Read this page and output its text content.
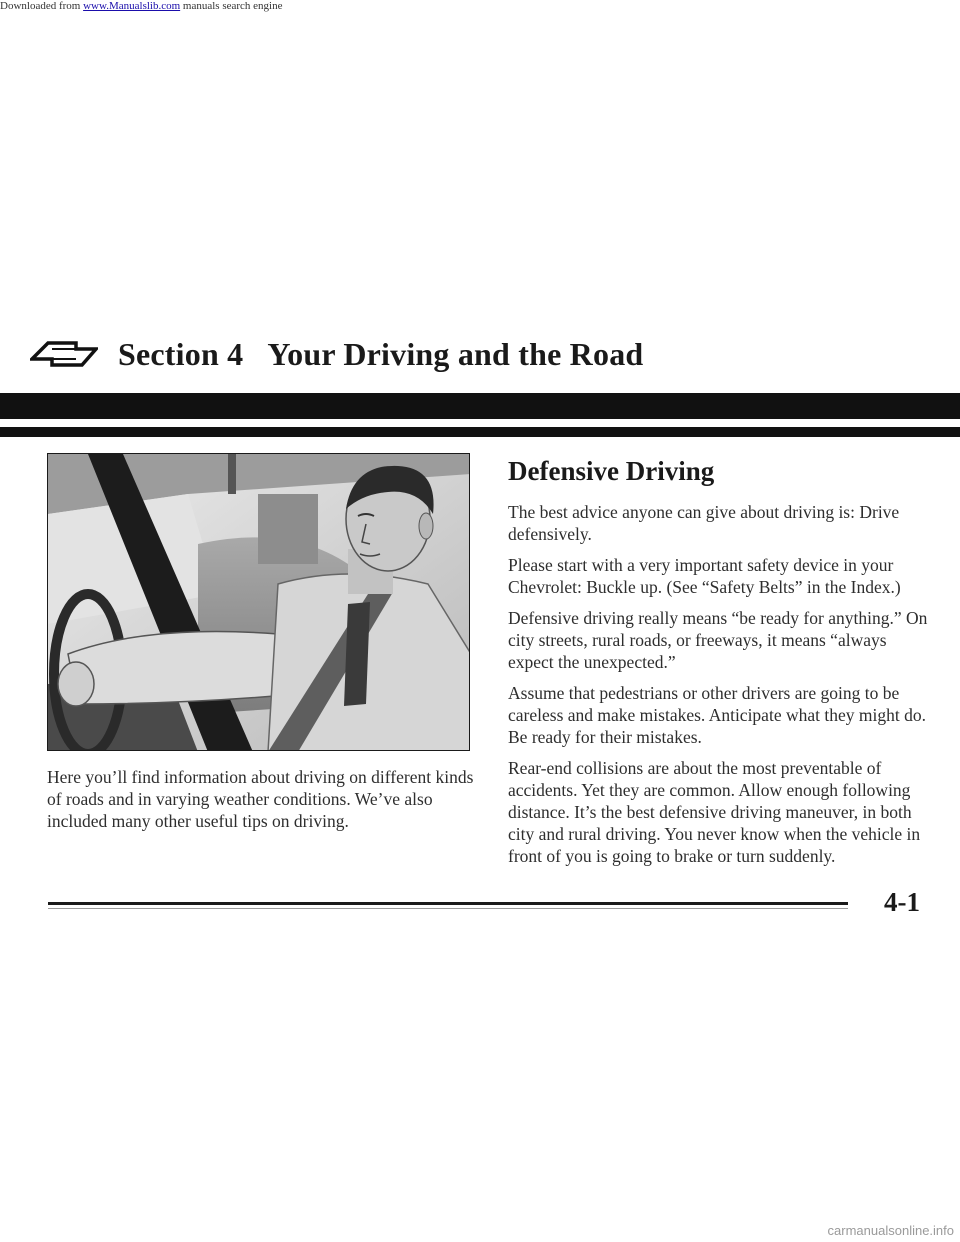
Downloaded from www.Manualslib.com manuals search engine
Section 4 Your Driving and the Road

Here you’ll find information about driving on different kinds of roads and in varying weather conditions. We’ve also included many other useful tips on driving.

Defensive Driving

The best advice anyone can give about driving is: Drive defensively.

Please start with a very important safety device in your Chevrolet: Buckle up. (See “Safety Belts” in the Index.)

Defensive driving really means “be ready for anything.” On city streets, rural roads, or freeways, it means “always expect the unexpected.”

Assume that pedestrians or other drivers are going to be careless and make mistakes. Anticipate what they might do. Be ready for their mistakes.

Rear-end collisions are about the most preventable of accidents. Yet they are common. Allow enough following distance. It’s the best defensive driving maneuver, in both city and rural driving. You never know when the vehicle in front of you is going to brake or turn suddenly.

4-1
carmanualsonline.info
